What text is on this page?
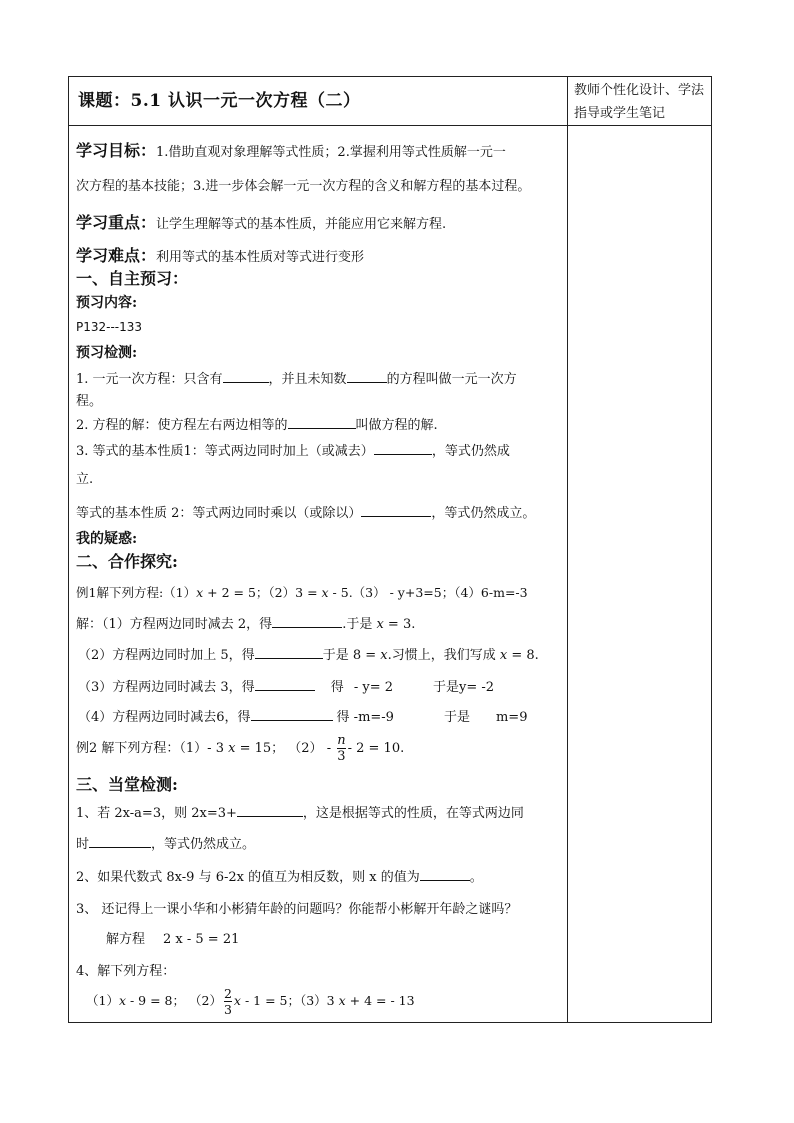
课题：5.1 认识一元一次方程（二）
教师个性化设计、学法指导或学生笔记
学习目标：1.借助直观对象理解等式性质；2.掌握利用等式性质解一元一
次方程的基本技能；3.进一步体会解一元一次方程的含义和解方程的基本过程。
学习重点：让学生理解等式的基本性质，并能应用它来解方程.
学习难点：利用等式的基本性质对等式进行变形
一、自主预习：
预习内容:
P132---133
预习检测:
1. 一元一次方程：只含有	，并且未知数	的方程叫做一元一次方
程。
2. 方程的解：使方程左右两边相等的	叫做方程的解.
3. 等式的基本性质1：等式两边同时加上（或减去）	，等式仍然成
立.
等式的基本性质 2：等式两边同时乘以（或除以）	，等式仍然成立。
我的疑惑:
二、合作探究:
例1解下列方程:（1）x + 2 = 5；（2）3 = x - 5.（3） - y+3=5；（4）6-m=-3
解：（1）方程两边同时减去 2，得	.于是 x = 3.
（2）方程两边同时加上 5，得	于是 8 = x.习惯上，我们写成 x = 8.
（3）方程两边同时减去 3，得	得 - y= 2	于是y= -2
（4）方程两边同时减去6，得	得 -m=-9	于是 m=9
例2 解下列方程：（1）- 3 x = 15； $(2) - \frac{n}{3} - 2 = 10$.
三、当堂检测:
1、若 2x-a=3，则 2x=3+	，这是根据等式的性质，在等式两边同
时	，等式仍然成立。
2、如果代数式 8x-9 与 6-2x 的值互为相反数，则 x 的值为	。
3、 还记得上一课小华和小彬猜年龄的问题吗？你能帮小彬解开年龄之谜吗？
解方程 2 x - 5 = 21
4、解下列方程：
（1）x - 9 = 8； $(2) \frac{2}{3}$ x - 1 = 5；（3）3 x + 4 = - 13
